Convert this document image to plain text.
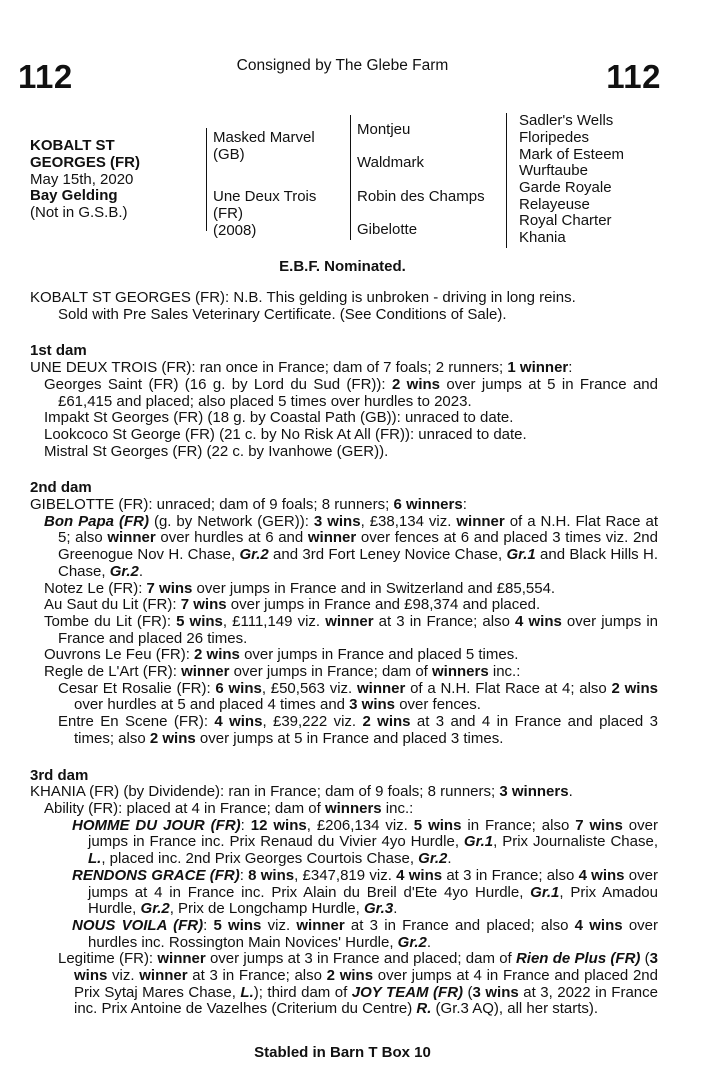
112	Consigned by The Glebe Farm	112
KOBALT ST
GEORGES (FR)
May 15th, 2020
Bay Gelding
(Not in G.S.B.)
Masked Marvel
(GB)
Une Deux Trois
(FR)
(2008)
Montjeu
Waldmark
Robin des Champs
Gibelotte
Sadler's Wells
Floripedes
Mark of Esteem
Wurftaube
Garde Royale
Relayeuse
Royal Charter
Khania
E.B.F. Nominated.

KOBALT ST GEORGES (FR): N.B. This gelding is unbroken - driving in long reins.

Sold with Pre Sales Veterinary Certificate. (See Conditions of Sale).

1st dam

UNE DEUX TROIS (FR): ran once in France; dam of 7 foals; 2 runners; 1 winner:

Georges Saint (FR) (16 g. by Lord du Sud (FR)): 2 wins over jumps at 5 in France and £61,415 and placed; also placed 5 times over hurdles to 2023.

Impakt St Georges (FR) (18 g. by Coastal Path (GB)): unraced to date.

Lookcoco St George (FR) (21 c. by No Risk At All (FR)): unraced to date.

Mistral St Georges (FR) (22 c. by Ivanhowe (GER)).

2nd dam

GIBELOTTE (FR): unraced; dam of 9 foals; 8 runners; 6 winners:

Bon Papa (FR) (g. by Network (GER)): 3 wins, £38,134 viz. winner of a N.H. Flat Race at 5; also winner over hurdles at 6 and winner over fences at 6 and placed 3 times viz. 2nd Greenogue Nov H. Chase, Gr.2 and 3rd Fort Leney Novice Chase, Gr.1 and Black Hills H. Chase, Gr.2.

Notez Le (FR): 7 wins over jumps in France and in Switzerland and £85,554.

Au Saut du Lit (FR): 7 wins over jumps in France and £98,374 and placed.

Tombe du Lit (FR): 5 wins, £111,149 viz. winner at 3 in France; also 4 wins over jumps in France and placed 26 times.

Ouvrons Le Feu (FR): 2 wins over jumps in France and placed 5 times.

Regle de L'Art (FR): winner over jumps in France; dam of winners inc.:

Cesar Et Rosalie (FR): 6 wins, £50,563 viz. winner of a N.H. Flat Race at 4; also 2 wins over hurdles at 5 and placed 4 times and 3 wins over fences.

Entre En Scene (FR): 4 wins, £39,222 viz. 2 wins at 3 and 4 in France and placed 3 times; also 2 wins over jumps at 5 in France and placed 3 times.

3rd dam

KHANIA (FR) (by Dividende): ran in France; dam of 9 foals; 8 runners; 3 winners.

Ability (FR): placed at 4 in France; dam of winners inc.:

HOMME DU JOUR (FR): 12 wins, £206,134 viz. 5 wins in France; also 7 wins over jumps in France inc. Prix Renaud du Vivier 4yo Hurdle, Gr.1, Prix Journaliste Chase, L., placed inc. 2nd Prix Georges Courtois Chase, Gr.2.

RENDONS GRACE (FR): 8 wins, £347,819 viz. 4 wins at 3 in France; also 4 wins over jumps at 4 in France inc. Prix Alain du Breil d'Ete 4yo Hurdle, Gr.1, Prix Amadou Hurdle, Gr.2, Prix de Longchamp Hurdle, Gr.3.

NOUS VOILA (FR): 5 wins viz. winner at 3 in France and placed; also 4 wins over hurdles inc. Rossington Main Novices' Hurdle, Gr.2.

Legitime (FR): winner over jumps at 3 in France and placed; dam of Rien de Plus (FR) (3 wins viz. winner at 3 in France; also 2 wins over jumps at 4 in France and placed 2nd Prix Sytaj Mares Chase, L.); third dam of JOY TEAM (FR) (3 wins at 3, 2022 in France inc. Prix Antoine de Vazelhes (Criterium du Centre) R. (Gr.3 AQ), all her starts).

Stabled in Barn T Box 10
